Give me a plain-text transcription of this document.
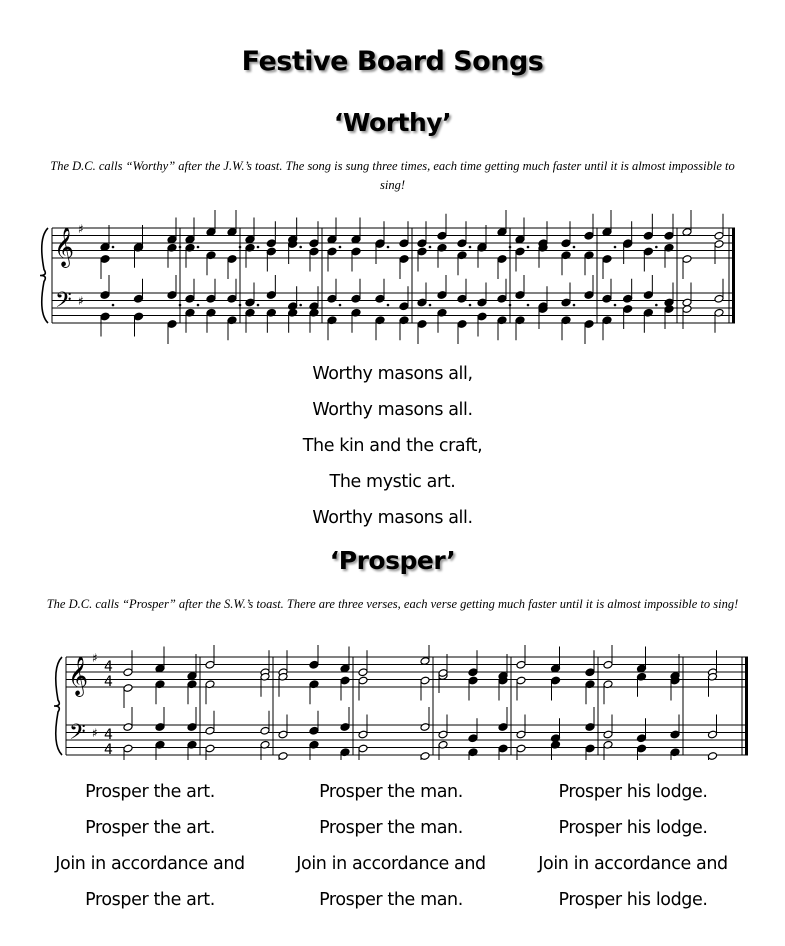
Festive Board Songs
‘Worthy’
The D.C. calls “Worthy” after the J.W.’s toast. The song is sung three times, each time getting much faster until it is almost impossible to sing!
𝄞
𝄢
♯
♯
Worthy masons all,
Worthy masons all.
The kin and the craft,
The mystic art.
Worthy masons all.
‘Prosper’
The D.C. calls “Prosper” after the S.W.’s toast. There are three verses, each verse getting much faster until it is almost impossible to sing!
𝄞
𝄢
♯
♯
4
4
4
4
Prosper the art.
Prosper the art.
Join in accordance and
Prosper the art.
Prosper the man.
Prosper the man.
Join in accordance and
Prosper the man.
Prosper his lodge.
Prosper his lodge.
Join in accordance and
Prosper his lodge.
